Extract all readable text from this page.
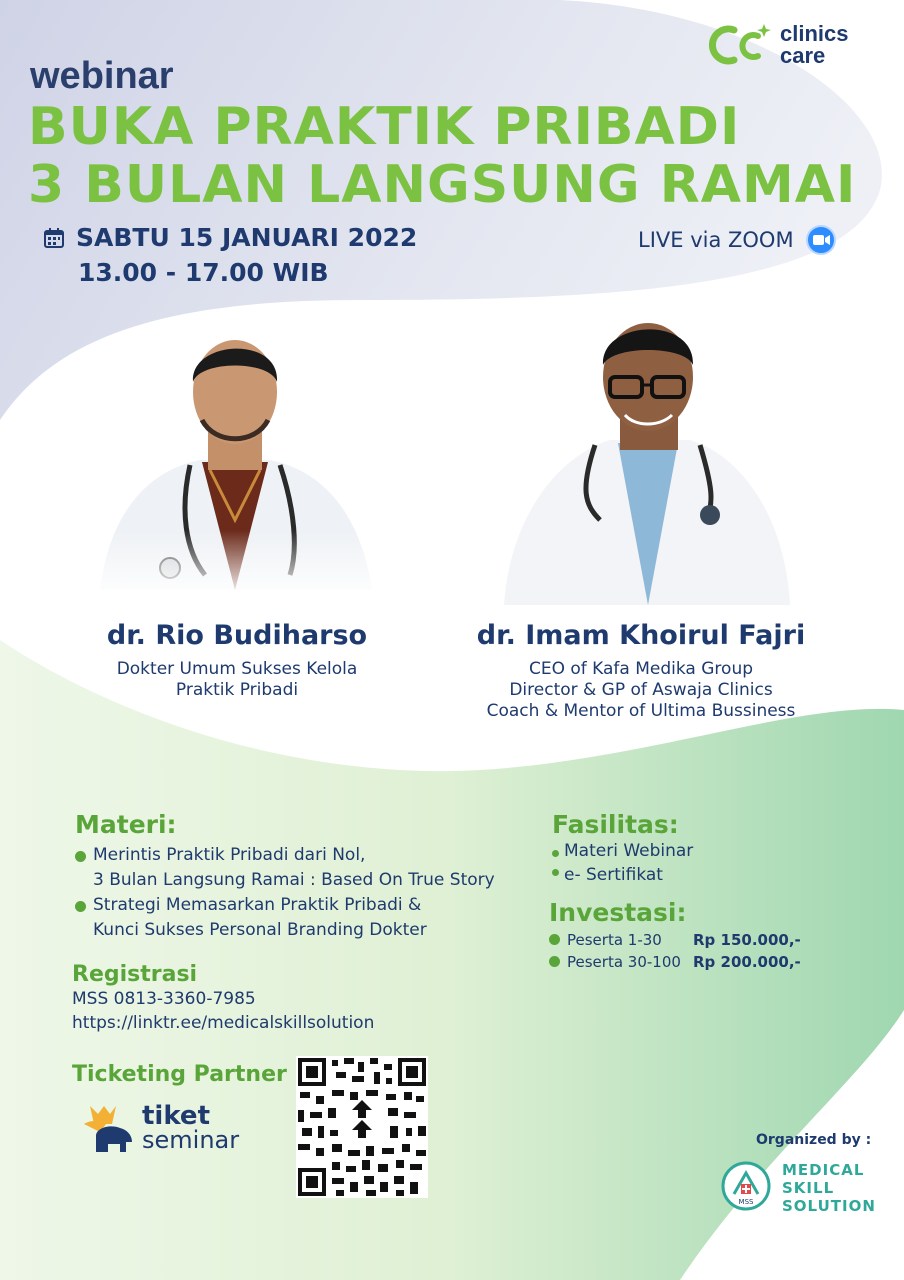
clinics
care
webinar
BUKA PRAKTIK PRIBADI
3 BULAN LANGSUNG RAMAI
SABTU 15 JANUARI 2022
13.00 - 17.00 WIB
LIVE via ZOOM
dr. Rio Budiharso
Dokter Umum Sukses Kelola
Praktik Pribadi
dr. Imam Khoirul Fajri
CEO of Kafa Medika Group
Director & GP of Aswaja Clinics
Coach & Mentor of Ultima Bussiness
Materi:
Merintis Praktik Pribadi dari Nol,
3 Bulan Langsung Ramai : Based On True Story
Strategi Memasarkan Praktik Pribadi &
Kunci Sukses Personal Branding Dokter
Fasilitas:
Materi Webinar
e- Sertifikat
Investasi:
Peserta 1-30	Rp 150.000,-
Peserta 30-100 Rp 200.000,-
Registrasi
MSS 0813-3360-7985
https://linktr.ee/medicalskillsolution
Ticketing Partner
tiket
seminar	Organized by :
MSS
MEDICAL
SKILL
SOLUTION
